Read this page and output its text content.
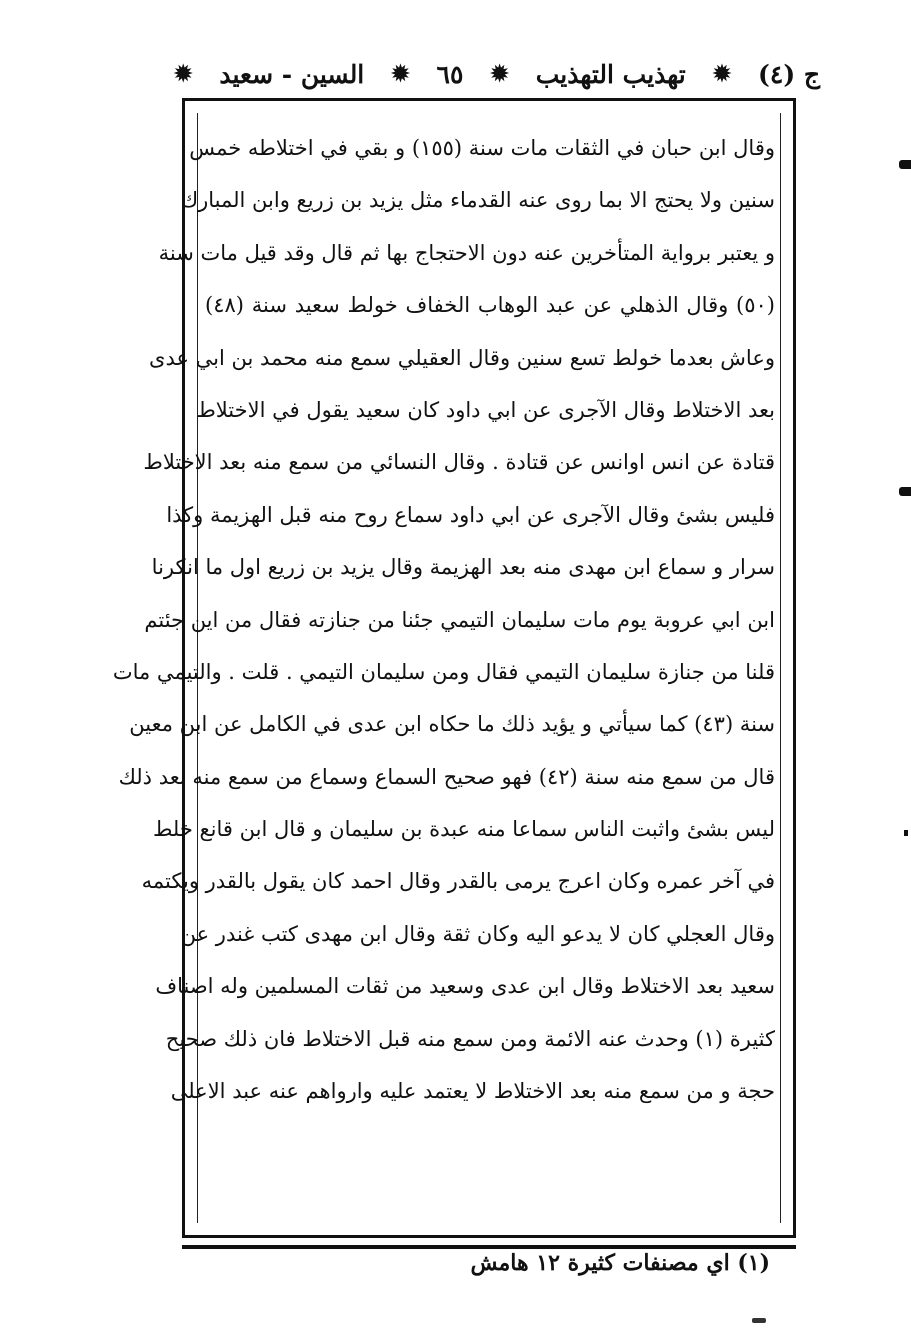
ج (٤)
✹
تهذيب التهذيب
✹
٦٥
✹
السين - سعيد
✹
وقال ابن حبان في الثقات مات سنة (١٥٥) و بقي في اختلاطه خمس
سنين ولا يحتج الا بما روى عنه القدماء مثل يزيد بن زريع وابن المبارك
و يعتبر برواية المتأخرين عنه دون الاحتجاج بها ثم قال وقد قيل مات سنة
(٥٠) وقال الذهلي عن عبد الوهاب الخفاف خولط سعيد سنة (٤٨)
وعاش بعدما خولط تسع سنين وقال العقيلي سمع منه محمد بن ابي عدى
بعد الاختلاط وقال الآجرى عن ابي داود كان سعيد يقول في الاختلاط
قتادة عن انس اوانس عن قتادة . وقال النسائي من سمع منه بعد الاختلاط
فليس بشئ وقال الآجرى عن ابي داود سماع روح منه قبل الهزيمة وكذا
سرار و سماع ابن مهدى منه بعد الهزيمة وقال يزيد بن زريع اول ما انكرنا
ابن ابي عروبة يوم مات سليمان التيمي جئنا من جنازته فقال من اين جئتم
قلنا من جنازة سليمان التيمي فقال ومن سليمان التيمي . قلت . والتيمي مات
سنة (٤٣) كما سيأتي و يؤيد ذلك ما حكاه ابن عدى في الكامل عن ابن معين
قال من سمع منه سنة (٤٢) فهو صحيح السماع وسماع من سمع منه بعد ذلك
ليس بشئ واثبت الناس سماعا منه عبدة بن سليمان و قال ابن قانع خلط
في آخر عمره وكان اعرج يرمى بالقدر وقال احمد كان يقول بالقدر ويكتمه
وقال العجلي كان لا يدعو اليه وكان ثقة وقال ابن مهدى كتب غندر عن
سعيد بعد الاختلاط وقال ابن عدى وسعيد من ثقات المسلمين وله اصناف
كثيرة (١) وحدث عنه الائمة ومن سمع منه قبل الاختلاط فان ذلك صحيح
حجة و من سمع منه بعد الاختلاط لا يعتمد عليه وارواهم عنه عبد الاعلى
(١) اي مصنفات كثيرة ١٢ هامش
